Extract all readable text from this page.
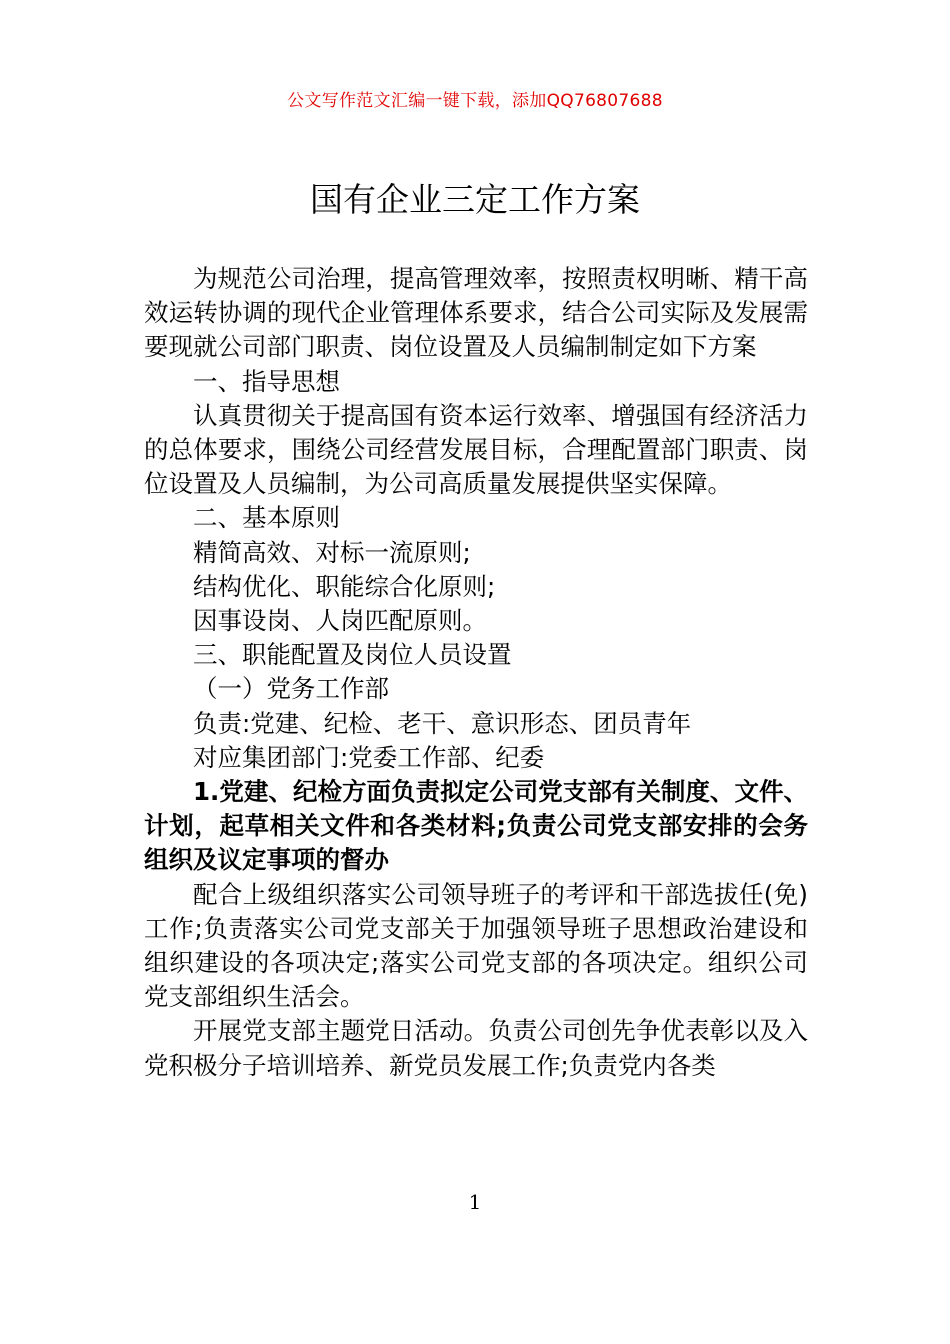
公文写作范文汇编一键下载，添加QQ76807688
国有企业三定工作方案

为规范公司治理，提高管理效率，按照责权明晰、精干高效运转协调的现代企业管理体系要求，结合公司实际及发展需要现就公司部门职责、岗位设置及人员编制制定如下方案

一、指导思想

认真贯彻关于提高国有资本运行效率、增强国有经济活力的总体要求，围绕公司经营发展目标，合理配置部门职责、岗位设置及人员编制，为公司高质量发展提供坚实保障。

二、基本原则

精简高效、对标一流原则;

结构优化、职能综合化原则;

因事设岗、人岗匹配原则。

三、职能配置及岗位人员设置

（一）党务工作部

负责:党建、纪检、老干、意识形态、团员青年

对应集团部门:党委工作部、纪委

1.党建、纪检方面负责拟定公司党支部有关制度、文件、计划，起草相关文件和各类材料;负责公司党支部安排的会务组织及议定事项的督办

配合上级组织落实公司领导班子的考评和干部选拔任(免)工作;负责落实公司党支部关于加强领导班子思想政治建设和组织建设的各项决定;落实公司党支部的各项决定。组织公司党支部组织生活会。

开展党支部主题党日活动。负责公司创先争优表彰以及入党积极分子培训培养、新党员发展工作;负责党内各类

1
